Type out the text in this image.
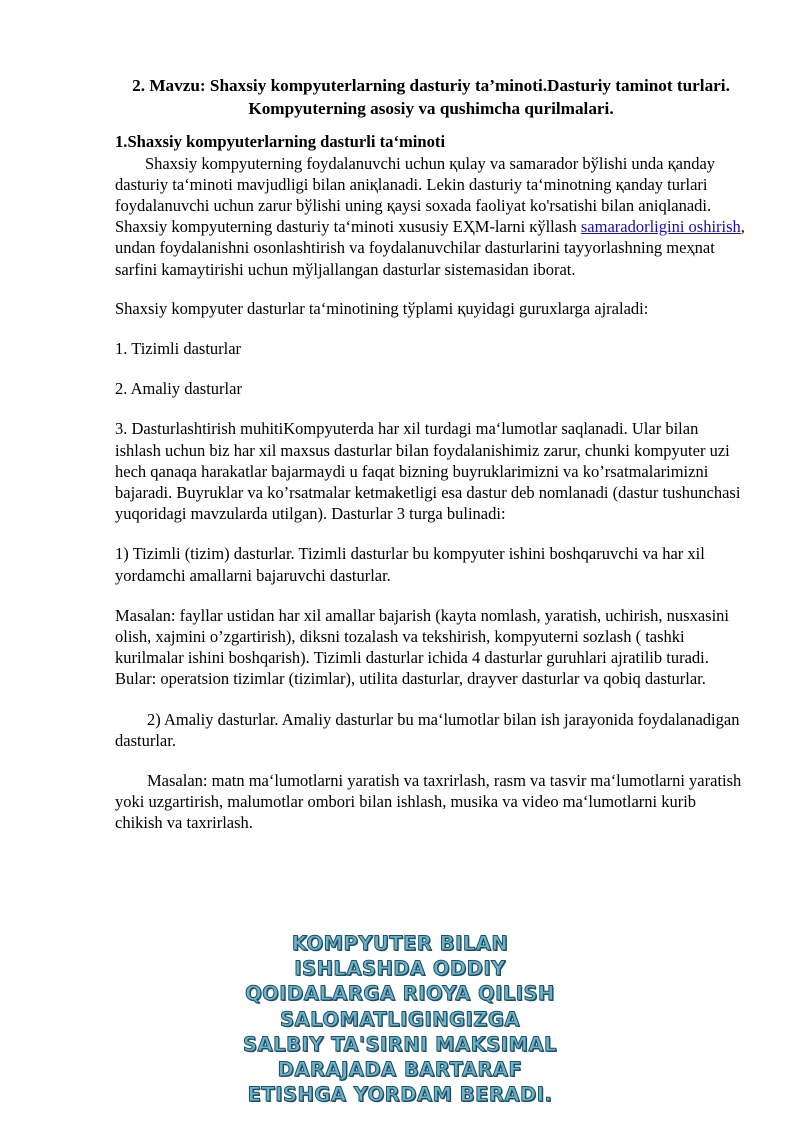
2. Mavzu: Shaxsiy kompyuterlarning dasturiy ta’minoti.Dasturiy taminot turlari. Kompyuterning asosiy va qushimcha qurilmalari.
1.Shaxsiy kompyuterlarning dasturli taʻminoti

Shaxsiy kompyuterning foydalanuvchi uchun қulay va samarador bўlishi unda қanday dasturiy taʻminoti mavjudligi bilan aniқlanadi. Lekin dasturiy taʻminotning қanday turlari foydalanuvchi uchun zarur bўlishi uning қaysi soxada faoliyat ko'rsatishi bilan aniqlanadi. Shaxsiy kompyuterning dasturiy taʻminoti xususiy EҲM-larni кўllash samaradorligini oshirish, undan foydalanishni osonlashtirish va foydalanuvchilar dasturlarini tayyorlashning meҳnat sarfini kamaytirishi uchun mўljallangan dasturlar sistemasidan iborat.

Shaxsiy kompyuter dasturlar taʻminotining tўplami қuyidagi guruxlarga ajraladi:

1. Tizimli dasturlar

2. Amaliy dasturlar

3. Dasturlashtirish muhitiKompyuterda har xil turdagi maʻlumotlar saqlanadi. Ular bilan ishlash uchun biz har xil maxsus dasturlar bilan foydalanishimiz zarur, chunki kompyuter uzi hech qanaqa harakatlar bajarmaydi u faqat bizning buyruklarimizni va ko’rsatmalarimizni bajaradi. Buyruklar va ko’rsatmalar ketmaketligi esa dastur deb nomlanadi (dastur tushunchasi yuqoridagi mavzularda utilgan). Dasturlar 3 turga bulinadi:

1) Tizimli (tizim) dasturlar. Tizimli dasturlar bu kompyuter ishini boshqaruvchi va har xil yordamchi amallarni bajaruvchi dasturlar.

Masalan: fayllar ustidan har xil amallar bajarish (kayta nomlash, yaratish, uchirish, nusxasini olish, xajmini o’zgartirish), diksni tozalash va tekshirish, kompyuterni sozlash ( tashki kurilmalar ishini boshqarish). Tizimli dasturlar ichida 4 dasturlar guruhlari ajratilib turadi. Bular: operatsion tizimlar (tizimlar), utilita dasturlar, drayver dasturlar va qobiq dasturlar.

2) Amaliy dasturlar. Amaliy dasturlar bu maʻlumotlar bilan ish jarayonida foydalanadigan dasturlar.

Masalan: matn maʻlumotlarni yaratish va taxrirlash, rasm va tasvir maʻlumotlarni yaratish yoki uzgartirish, malumotlar ombori bilan ishlash, musika va video maʻlumotlarni kurib chikish va taxrirlash.

KOMPYUTER BILAN
ISHLASHDA ODDIY
QOIDALARGA RIOYA QILISH
SALOMATLIGINGIZGA
SALBIY TA'SIRNI MAKSIMAL
DARAJADA BARTARAF
ETISHGA YORDAM BERADI.
